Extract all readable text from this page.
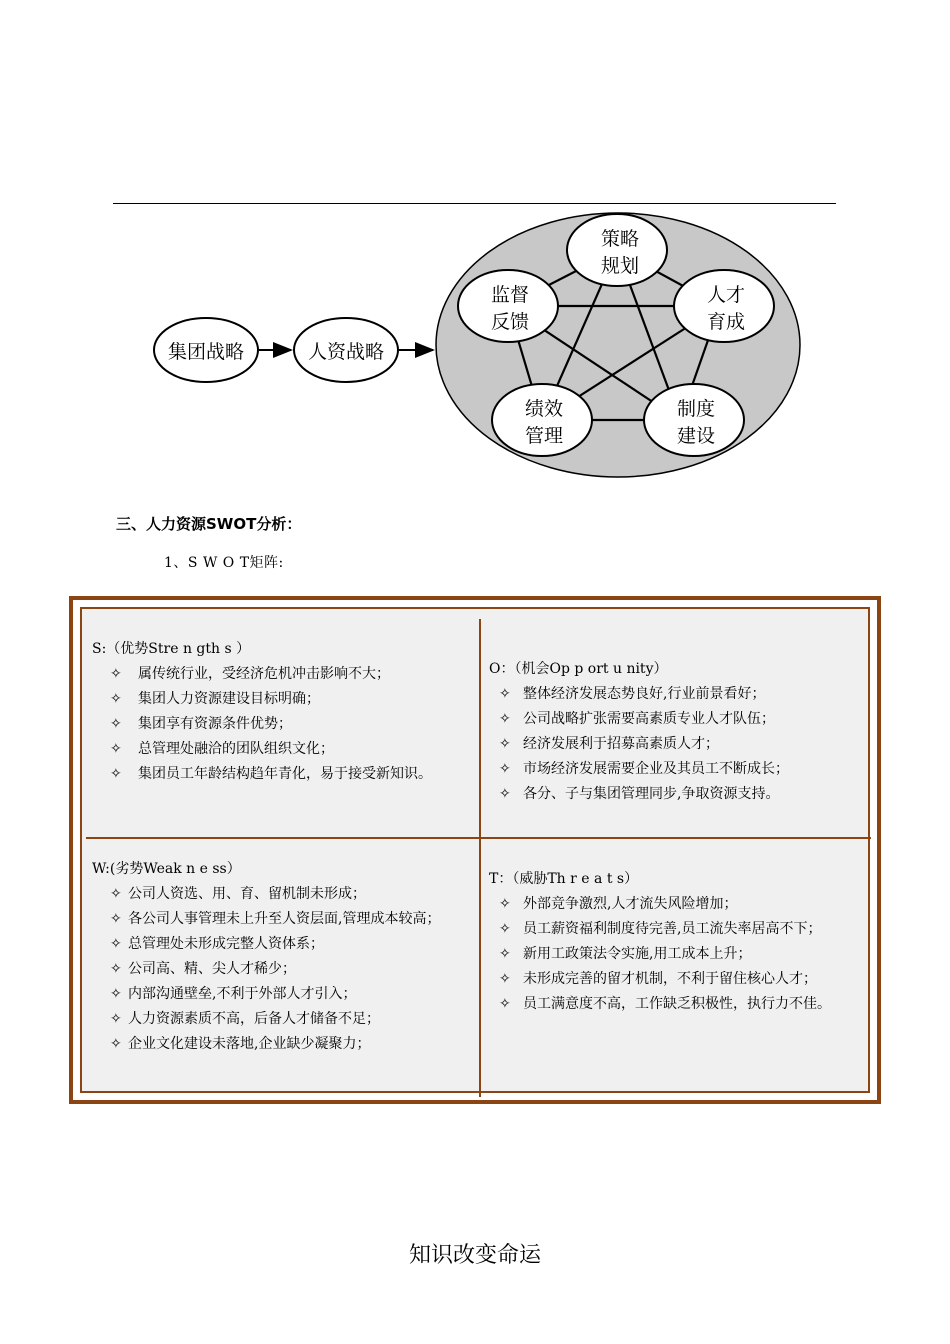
集团战略	人资战略
策略
规划
人才
育成
制度
建设
绩效
管理
监督
反馈
三、人力资源SWOT分析：
1、S W O T矩阵:
S:（优势Stre n gth s ）
✧ 属传统行业，受经济危机冲击影响不大；
✧ 集团人力资源建设目标明确；
✧ 集团享有资源条件优势；
✧ 总管理处融洽的团队组织文化；
✧ 集团员工年龄结构趋年青化，易于接受新知识。
O：（机会Op p ort u nity）
✧ 整体经济发展态势良好,行业前景看好；
✧ 公司战略扩张需要高素质专业人才队伍；
✧ 经济发展利于招募高素质人才；
✧ 市场经济发展需要企业及其员工不断成长；
✧ 各分、子与集团管理同步,争取资源支持。
W:(劣势Weak n e ss）
✧ 公司人资选、用、育、留机制未形成；
✧ 各公司人事管理未上升至人资层面,管理成本较高；
✧ 总管理处未形成完整人资体系；
✧ 公司高、精、尖人才稀少；
✧ 内部沟通壁垒,不利于外部人才引入；
✧ 人力资源素质不高，后备人才储备不足；
✧ 企业文化建设未落地,企业缺少凝聚力；
T：（威胁Th r e a t s）
✧ 外部竞争激烈,人才流失风险增加；
✧ 员工薪资福利制度待完善,员工流失率居高不下；
✧ 新用工政策法令实施,用工成本上升；
✧ 未形成完善的留才机制，不利于留住核心人才；
✧ 员工满意度不高，工作缺乏积极性，执行力不佳。
知识改变命运
